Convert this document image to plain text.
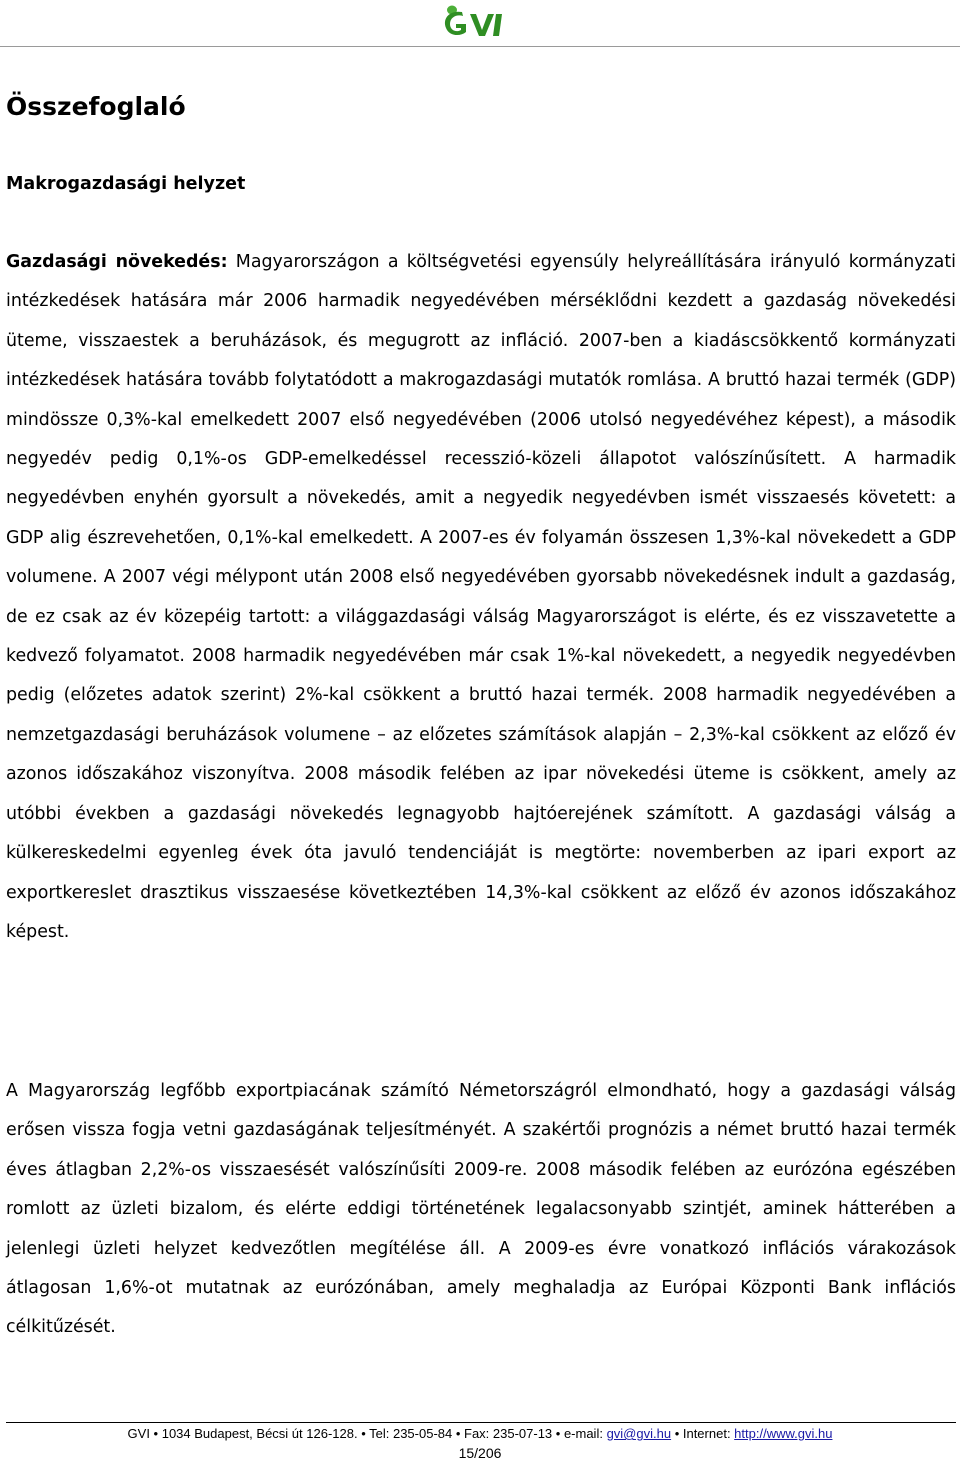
Összefoglaló
Makrogazdasági helyzet

Gazdasági növekedés: Magyarországon a költségvetési egyensúly helyreállítására irányuló kormányzati intézkedések hatására már 2006 harmadik negyedévében mérséklődni kezdett a gazdaság növekedési üteme, visszaestek a beruházások, és megugrott az infláció. 2007-ben a kiadáscsökkentő kormányzati intézkedések hatására tovább folytatódott a makrogazdasági mutatók romlása. A bruttó hazai termék (GDP) mindössze 0,3%-kal emelkedett 2007 első negyedévében (2006 utolsó negyedévéhez képest), a második negyedév pedig 0,1%-os GDP-emelkedéssel recesszió-közeli állapotot valószínűsített. A harmadik negyedévben enyhén gyorsult a növekedés, amit a negyedik negyedévben ismét visszaesés követett: a GDP alig észrevehetően, 0,1%-kal emelkedett. A 2007-es év folyamán összesen 1,3%-kal növekedett a GDP volumene. A 2007 végi mélypont után 2008 első negyedévében gyorsabb növekedésnek indult a gazdaság, de ez csak az év közepéig tartott: a világgazdasági válság Magyarországot is elérte, és ez visszavetette a kedvező folyamatot. 2008 harmadik negyedévében már csak 1%-kal növekedett, a negyedik negyedévben pedig (előzetes adatok szerint) 2%-kal csökkent a bruttó hazai termék. 2008 harmadik negyedévében a nemzetgazdasági beruházások volumene – az előzetes számítások alapján – 2,3%-kal csökkent az előző év azonos időszakához viszonyítva. 2008 második felében az ipar növekedési üteme is csökkent, amely az utóbbi években a gazdasági növekedés legnagyobb hajtóerejének számított. A gazdasági válság a külkereskedelmi egyenleg évek óta javuló tendenciáját is megtörte: novemberben az ipari export az exportkereslet drasztikus visszaesése következtében 14,3%-kal csökkent az előző év azonos időszakához képest.

A Magyarország legfőbb exportpiacának számító Németországról elmondható, hogy a gazdasági válság erősen vissza fogja vetni gazdaságának teljesítményét. A szakértői prognózis a német bruttó hazai termék éves átlagban 2,2%-os visszaesését valószínűsíti 2009-re. 2008 második felében az eurózóna egészében romlott az üzleti bizalom, és elérte eddigi történetének legalacsonyabb szintjét, aminek hátterében a jelenlegi üzleti helyzet kedvezőtlen megítélése áll. A 2009-es évre vonatkozó inflációs várakozások átlagosan 1,6%-ot mutatnak az eurózónában, amely meghaladja az Európai Központi Bank inflációs célkitűzését.

GVI • 1034 Budapest, Bécsi út 126-128. • Tel: 235-05-84 • Fax: 235-07-13 • e-mail: gvi@gvi.hu • Internet: http://www.gvi.hu
15/206
